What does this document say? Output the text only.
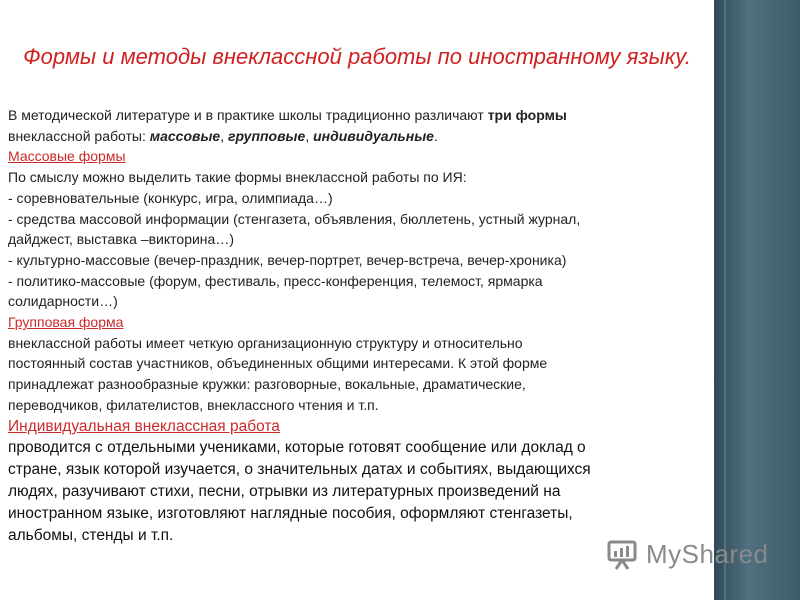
Формы и методы внеклассной работы по иностранному языку.
В методической литературе и в практике школы традиционно различают три формы
внеклассной работы: массовые, групповые, индивидуальные.
Массовые формы
По смыслу можно выделить такие формы внеклассной работы по ИЯ:
- соревновательные (конкурс, игра, олимпиада…)
- средства массовой информации (стенгазета, объявления, бюллетень, устный журнал,
дайджест, выставка –викторина…)
- культурно-массовые (вечер-праздник, вечер-портрет, вечер-встреча, вечер-хроника)
- политико-массовые (форум, фестиваль, пресс-конференция, телемост, ярмарка
солидарности…)
Групповая форма
внеклассной работы имеет четкую организационную структуру и относительно
постоянный состав участников, объединенных общими интересами. К этой форме
принадлежат разнообразные кружки: разговорные, вокальные, драматические,
переводчиков, филателистов, внеклассного чтения и т.п.
Индивидуальная внеклассная работа
проводится с отдельными учениками, которые готовят сообщение или доклад о
стране, язык которой изучается, о значительных датах и событиях, выдающихся
людях, разучивают стихи, песни, отрывки из литературных произведений на
иностранном языке, изготовляют наглядные пособия, оформляют стенгазеты,
альбомы, стенды и т.п.
MyShared
